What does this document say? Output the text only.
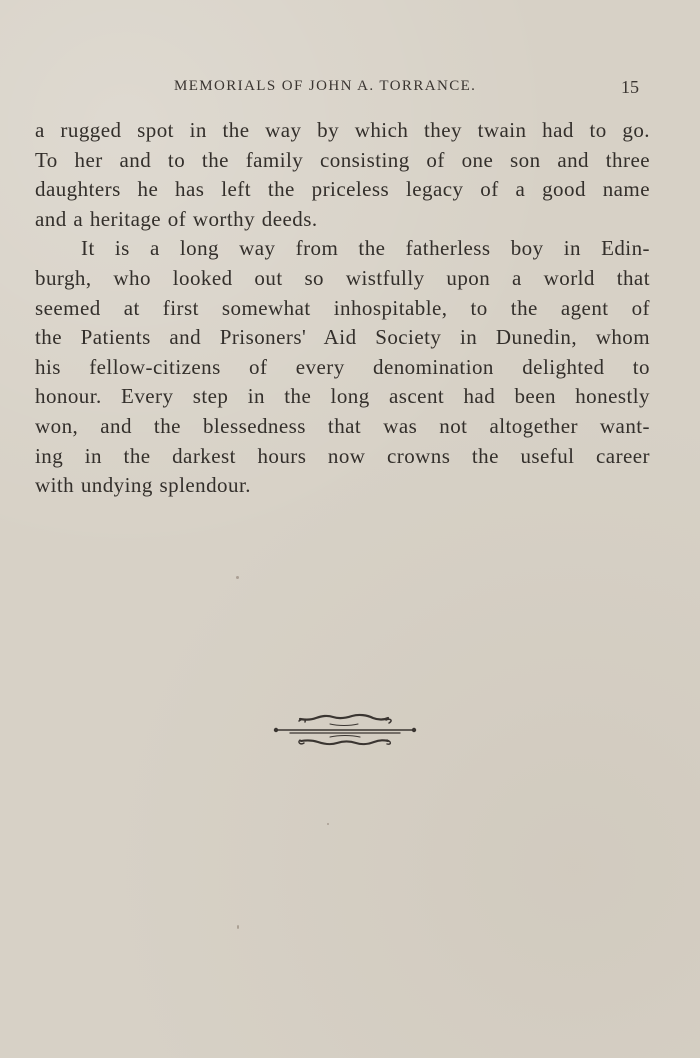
MEMORIALS OF JOHN A. TORRANCE.	15
a rugged spot in the way by which they twain had to go.
To her and to the family consisting of one son and three
daughters he has left the priceless legacy of a good name
and a heritage of worthy deeds.
It is a long way from the fatherless boy in Edin-
burgh, who looked out so wistfully upon a world that
seemed at first somewhat inhospitable, to the agent of
the Patients and Prisoners' Aid Society in Dunedin, whom
his fellow-citizens of every denomination delighted to
honour. Every step in the long ascent had been honestly
won, and the blessedness that was not altogether want-
ing in the darkest hours now crowns the useful career
with undying splendour.
